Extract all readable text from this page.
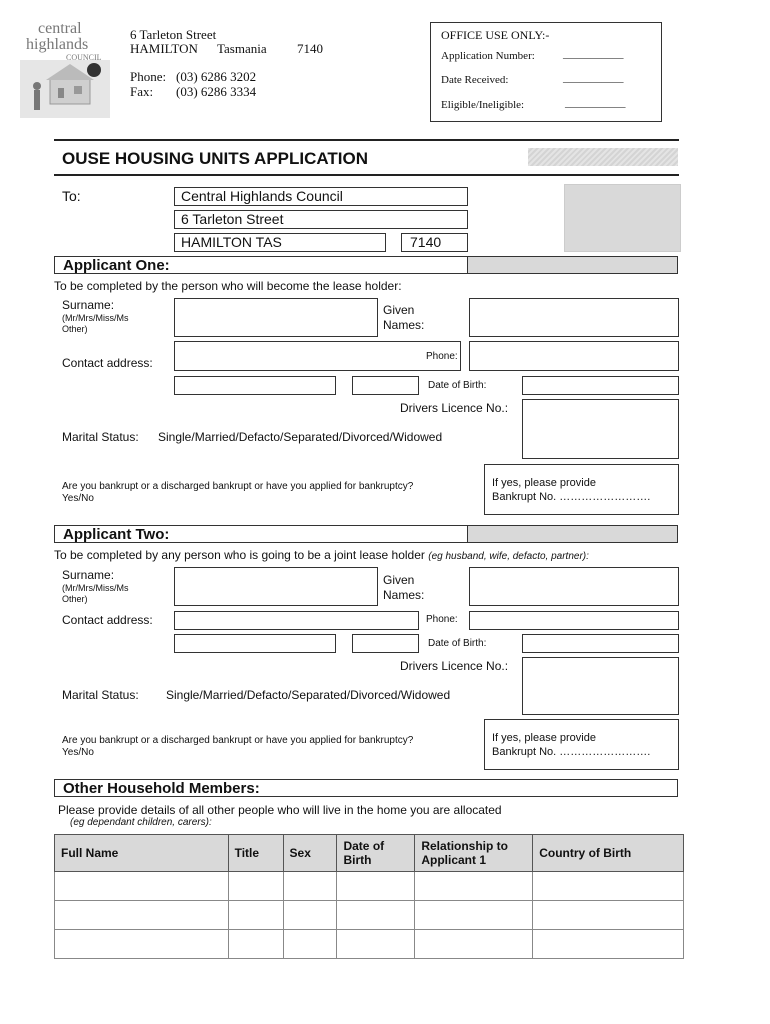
central
highlands
COUNCIL
6 Tarleton Street
HAMILTON Tasmania 7140
Phone: (03) 6286 3202
Fax: (03) 6286 3334
OFFICE USE ONLY:-
Application Number:	___________
Date Received:	___________
Eligible/Ineligible:	___________
OUSE HOUSING UNITS APPLICATION
To:	Central Highlands Council
6 Tarleton Street
HAMILTON TAS	7140
Applicant One:
To be completed by the person who will become the lease holder:
Surname:
(Mr/Mrs/Miss/Ms
Other)
Given
Names:
Contact address:	Phone:
Date of Birth:
Drivers Licence No.:
Marital Status: Single/Married/Defacto/Separated/Divorced/Widowed
Are you bankrupt or a discharged bankrupt or have you applied for bankruptcy?
Yes/No
If yes, please provide
Bankrupt No. …………………….
Applicant Two:
To be completed by any person who is going to be a joint lease holder (eg husband, wife, defacto, partner):
Surname:
(Mr/Mrs/Miss/Ms
Other)
Given
Names:
Contact address:	Phone:
Date of Birth:
Drivers Licence No.:
Marital Status: Single/Married/Defacto/Separated/Divorced/Widowed
Are you bankrupt or a discharged bankrupt or have you applied for bankruptcy?
Yes/No
If yes, please provide
Bankrupt No. …………………….
Other Household Members:
Please provide details of all other people who will live in the home you are allocated
(eg dependant children, carers):
Full Name	Title	Sex	Date of Birth	Relationship to Applicant 1	Country of Birth
